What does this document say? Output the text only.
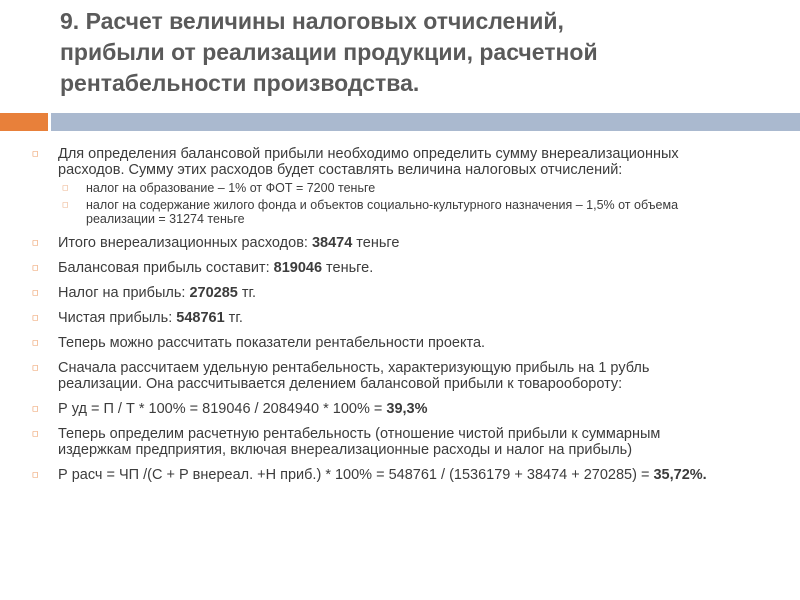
9. Расчет величины налоговых отчислений,
прибыли от реализации продукции, расчетной
рентабельности производства.
◻ Для определения балансовой прибыли необходимо определить сумму внереализационных
расходов. Сумму этих расходов будет составлять величина налоговых отчислений:
◻ налог на образование – 1% от ФОТ = 7200 теньге
◻ налог на содержание жилого фонда и объектов социально-культурного назначения – 1,5% от объема
реализации = 31274 теньге
◻ Итого внереализационных расходов: 38474 теньге
◻ Балансовая прибыль составит: 819046 теньге.
◻ Налог на прибыль: 270285 тг.
◻ Чистая прибыль: 548761 тг.
◻ Теперь можно рассчитать показатели рентабельности проекта.
◻ Сначала рассчитаем удельную рентабельность, характеризующую прибыль на 1 рубль
реализации. Она рассчитывается делением балансовой прибыли к товарообороту:
◻ Р уд = П / Т * 100% = 819046 / 2084940 * 100% = 39,3%
◻ Теперь определим расчетную рентабельность (отношение чистой прибыли к суммарным
издержкам предприятия, включая внереализационные расходы и налог на прибыль)
◻ Р расч = ЧП /(С + Р внереал. +Н приб.) * 100% = 548761 / (1536179 + 38474 + 270285) = 35,72%.
